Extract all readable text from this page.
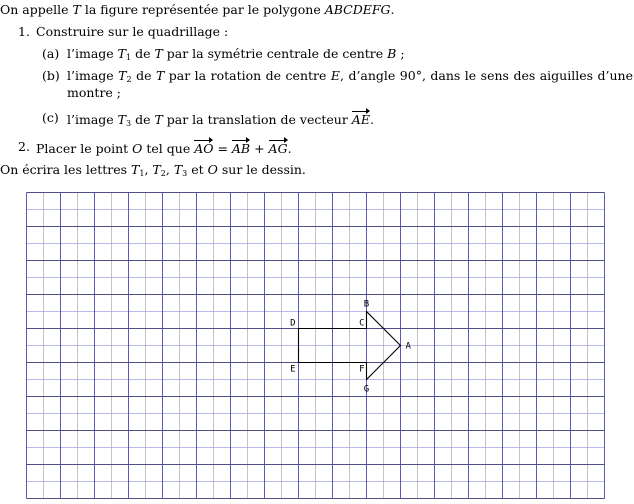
On appelle T la figure représentée par le polygone ABCDEFG.
1. Construire sur le quadrillage :
(a) l’image $T_1$ de T par la symétrie centrale de centre B ;
(b) l’image $T_2$ de T par la rotation de centre E, d’angle 90°, dans le sens des aiguilles d’une
montre ;
(c) l’image $T_3$ de T par la translation de vecteur AE.
2. Placer le point O tel que AO = AB + AG.
On écrira les lettres $T_1$, $T_2$, $T_3$ et O sur le dessin.
A
B
C
D
E	F
G
